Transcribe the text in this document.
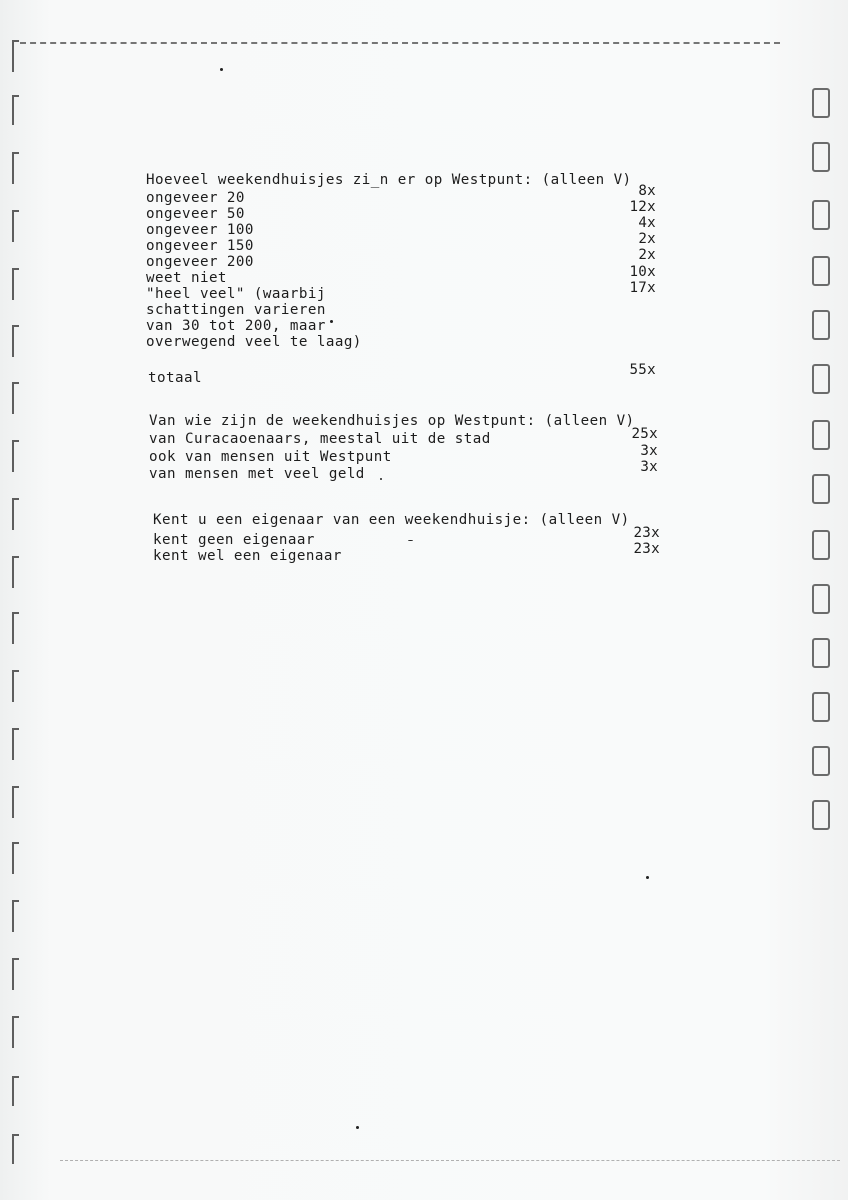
Hoeveel weekendhuisjes zi_n er op Westpunt: (alleen V)
ongeveer 20	8x
ongeveer 50	12x
ongeveer 100	4x
ongeveer 150	2x
ongeveer 200	2x
weet niet	10x
"heel veel" (waarbij	17x
schattingen varieren
van 30 tot 200, maar
overwegend veel te laag)
totaal	55x
Van wie zijn de weekendhuisjes op Westpunt: (alleen V)
van Curacaoenaars, meestal uit de stad	25x
ook van mensen uit Westpunt	3x
van mensen met veel geld	3x
Kent u een eigenaar van een weekendhuisje: (alleen V)
kent geen eigenaar	23x
kent wel een eigenaar	23x
